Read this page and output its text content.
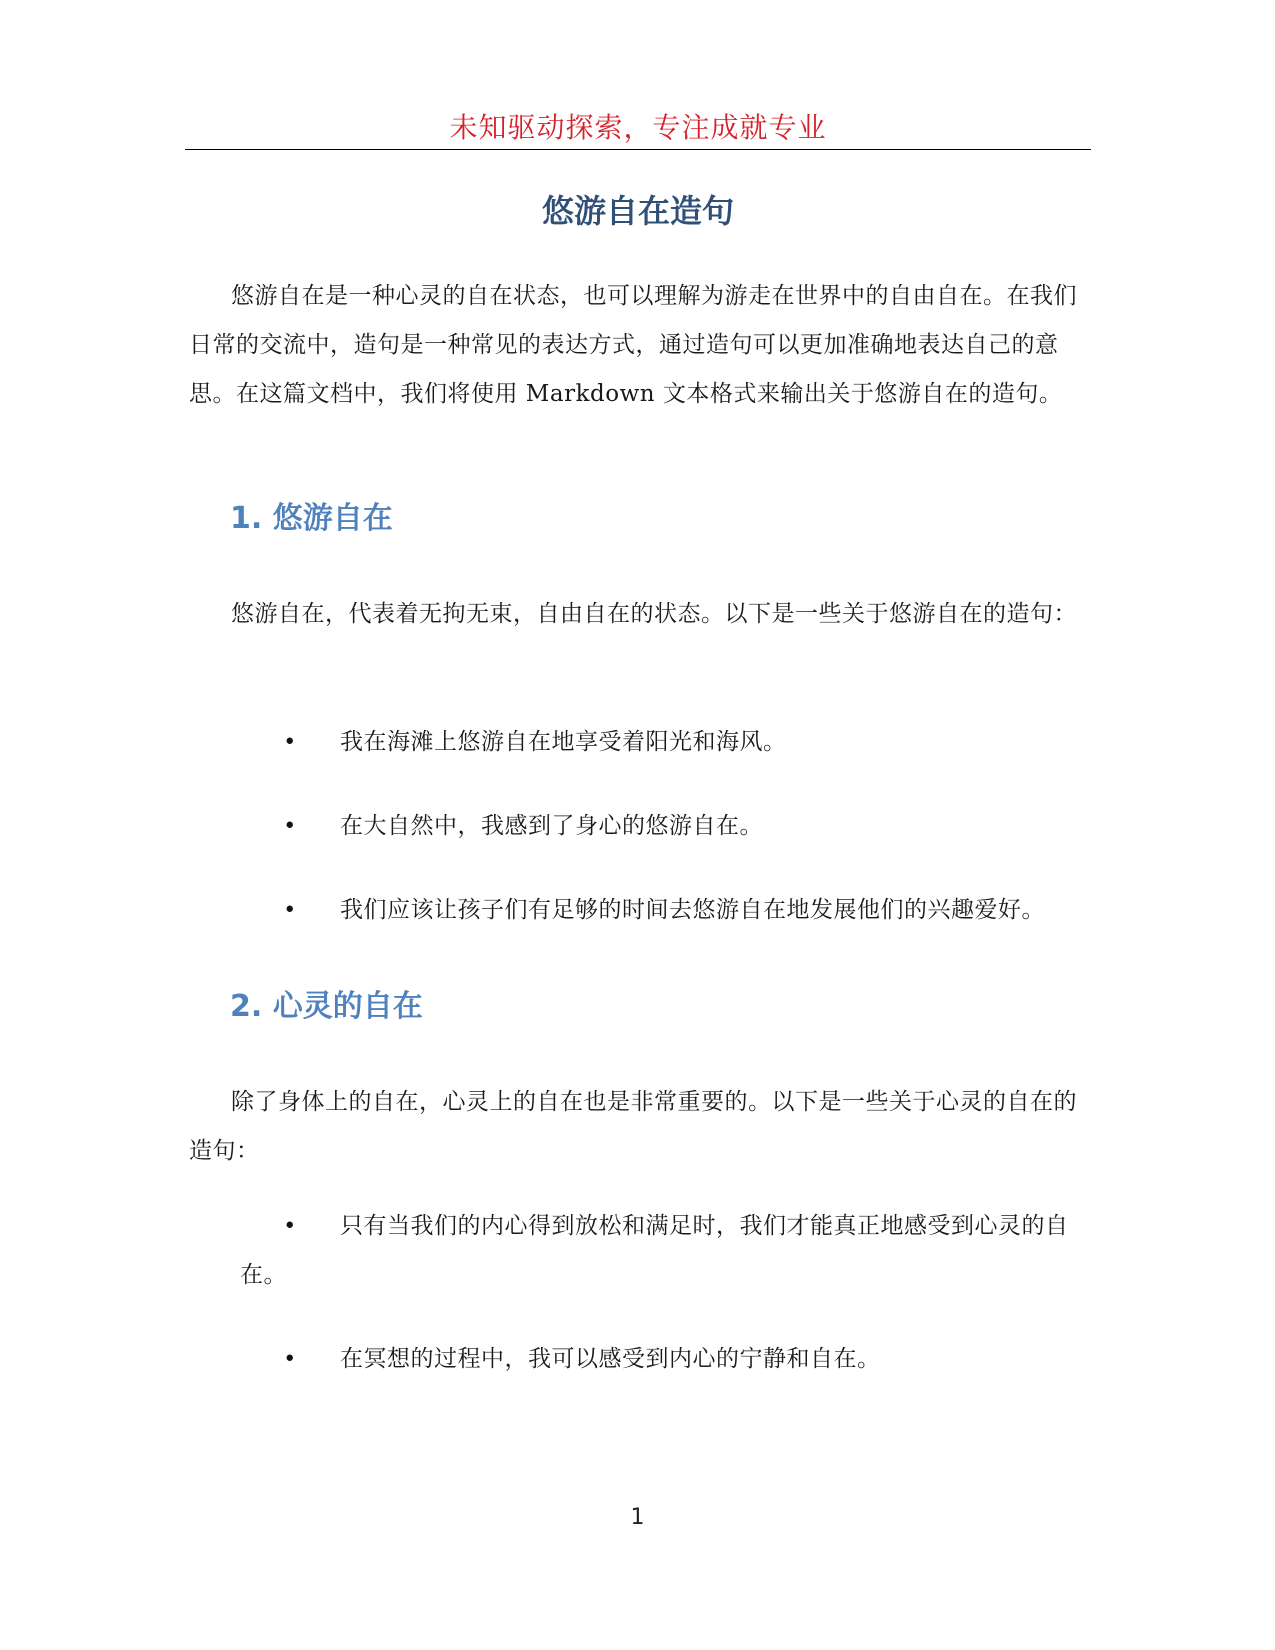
未知驱动探索，专注成就专业
悠游自在造句

悠游自在是一种心灵的自在状态，也可以理解为游走在世界中的自由自在。在我们日常的交流中，造句是一种常见的表达方式，通过造句可以更加准确地表达自己的意思。在这篇文档中，我们将使用 Markdown 文本格式来输出关于悠游自在的造句。

1. 悠游自在

悠游自在，代表着无拘无束，自由自在的状态。以下是一些关于悠游自在的造句：

•	我在海滩上悠游自在地享受着阳光和海风。
•	在大自然中，我感到了身心的悠游自在。
•	我们应该让孩子们有足够的时间去悠游自在地发展他们的兴趣爱好。
2. 心灵的自在

除了身体上的自在，心灵上的自在也是非常重要的。以下是一些关于心灵的自在的造句：

•	只有当我们的内心得到放松和满足时，我们才能真正地感受到心灵的自在。
•	在冥想的过程中，我可以感受到内心的宁静和自在。
1
